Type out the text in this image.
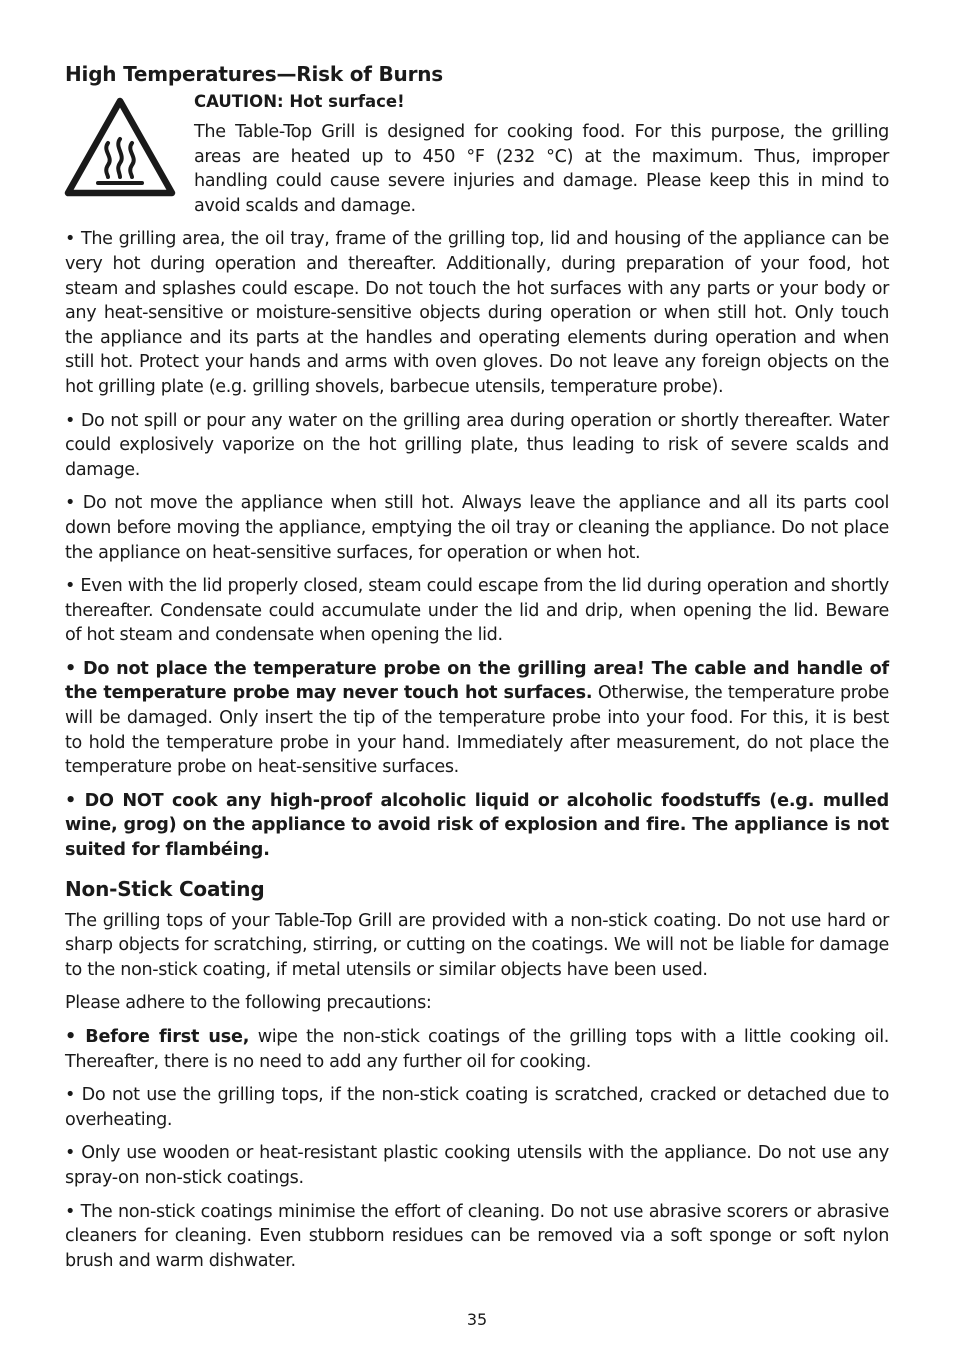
High Temperatures—Risk of Burns
CAUTION: Hot surface!

The Table-Top Grill is designed for cooking food. For this purpose, the grilling areas are heated up to 450 °F (232 °C) at the maximum. Thus, improper handling could cause severe injuries and damage. Please keep this in mind to avoid scalds and damage.

• The grilling area, the oil tray, frame of the grilling top, lid and housing of the appliance can be very hot during operation and thereafter. Additionally, during preparation of your food, hot steam and splashes could escape. Do not touch the hot surfaces with any parts or your body or any heat-sensitive or moisture-sensitive objects during operation or when still hot. Only touch the appliance and its parts at the handles and operating elements during operation and when still hot. Protect your hands and arms with oven gloves. Do not leave any foreign objects on the hot grilling plate (e.g. grilling shovels, barbecue utensils, temperature probe).

• Do not spill or pour any water on the grilling area during operation or shortly thereafter. Water could explosively vaporize on the hot grilling plate, thus leading to risk of severe scalds and damage.

• Do not move the appliance when still hot. Always leave the appliance and all its parts cool down before moving the appliance, emptying the oil tray or cleaning the appliance. Do not place the appliance on heat-sensitive surfaces, for operation or when hot.

• Even with the lid properly closed, steam could escape from the lid during operation and shortly thereafter. Condensate could accumulate under the lid and drip, when opening the lid. Beware of hot steam and condensate when opening the lid.

• Do not place the temperature probe on the grilling area! The cable and handle of the temperature probe may never touch hot surfaces. Otherwise, the temperature probe will be damaged. Only insert the tip of the temperature probe into your food. For this, it is best to hold the temperature probe in your hand. Immediately after measurement, do not place the temperature probe on heat-sensitive surfaces.

• DO NOT cook any high-proof alcoholic liquid or alcoholic foodstuffs (e.g. mulled wine, grog) on the appliance to avoid risk of explosion and fire. The appliance is not suited for flambéing.

Non-Stick Coating

The grilling tops of your Table-Top Grill are provided with a non-stick coating. Do not use hard or sharp objects for scratching, stirring, or cutting on the coatings. We will not be liable for damage to the non-stick coating, if metal utensils or similar objects have been used.

Please adhere to the following precautions:

• Before first use, wipe the non-stick coatings of the grilling tops with a little cooking oil. Thereafter, there is no need to add any further oil for cooking.

• Do not use the grilling tops, if the non-stick coating is scratched, cracked or detached due to overheating.

• Only use wooden or heat-resistant plastic cooking utensils with the appliance. Do not use any spray-on non-stick coatings.

• The non-stick coatings minimise the effort of cleaning. Do not use abrasive scorers or abrasive cleaners for cleaning. Even stubborn residues can be removed via a soft sponge or soft nylon brush and warm dishwater.

35
